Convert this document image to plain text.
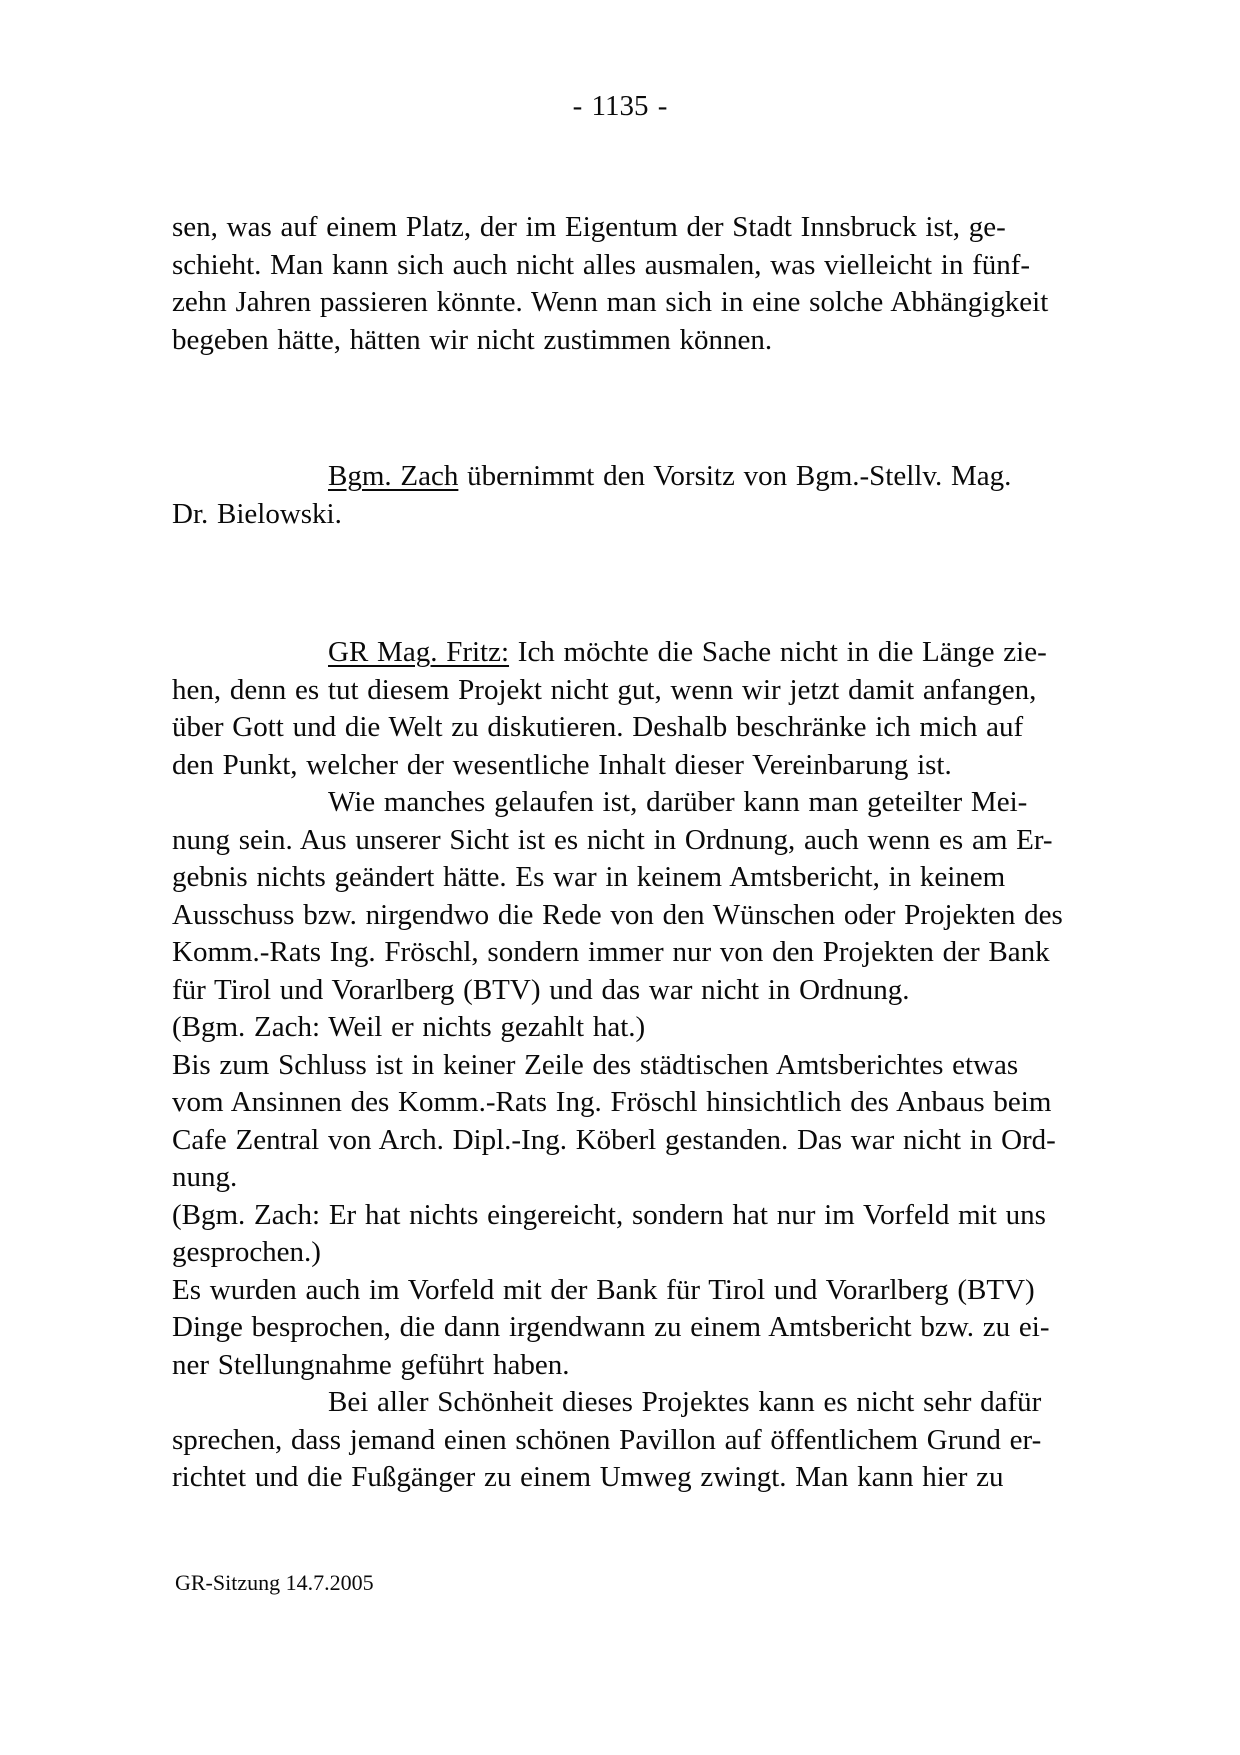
- 1135 -
sen, was auf einem Platz, der im Eigentum der Stadt Innsbruck ist, ge-
schieht. Man kann sich auch nicht alles ausmalen, was vielleicht in fünf-
zehn Jahren passieren könnte. Wenn man sich in eine solche Abhängigkeit
begeben hätte, hätten wir nicht zustimmen können.
Bgm. Zach übernimmt den Vorsitz von Bgm.-Stellv. Mag.
Dr. Bielowski.
GR Mag. Fritz: Ich möchte die Sache nicht in die Länge zie-
hen, denn es tut diesem Projekt nicht gut, wenn wir jetzt damit anfangen,
über Gott und die Welt zu diskutieren. Deshalb beschränke ich mich auf
den Punkt, welcher der wesentliche Inhalt dieser Vereinbarung ist.
Wie manches gelaufen ist, darüber kann man geteilter Mei-
nung sein. Aus unserer Sicht ist es nicht in Ordnung, auch wenn es am Er-
gebnis nichts geändert hätte. Es war in keinem Amtsbericht, in keinem
Ausschuss bzw. nirgendwo die Rede von den Wünschen oder Projekten des
Komm.-Rats Ing. Fröschl, sondern immer nur von den Projekten der Bank
für Tirol und Vorarlberg (BTV) und das war nicht in Ordnung.
(Bgm. Zach: Weil er nichts gezahlt hat.)
Bis zum Schluss ist in keiner Zeile des städtischen Amtsberichtes etwas
vom Ansinnen des Komm.-Rats Ing. Fröschl hinsichtlich des Anbaus beim
Cafe Zentral von Arch. Dipl.-Ing. Köberl gestanden. Das war nicht in Ord-
nung.
(Bgm. Zach: Er hat nichts eingereicht, sondern hat nur im Vorfeld mit uns
gesprochen.)
Es wurden auch im Vorfeld mit der Bank für Tirol und Vorarlberg (BTV)
Dinge besprochen, die dann irgendwann zu einem Amtsbericht bzw. zu ei-
ner Stellungnahme geführt haben.
Bei aller Schönheit dieses Projektes kann es nicht sehr dafür
sprechen, dass jemand einen schönen Pavillon auf öffentlichem Grund er-
richtet und die Fußgänger zu einem Umweg zwingt. Man kann hier zu
GR-Sitzung 14.7.2005
